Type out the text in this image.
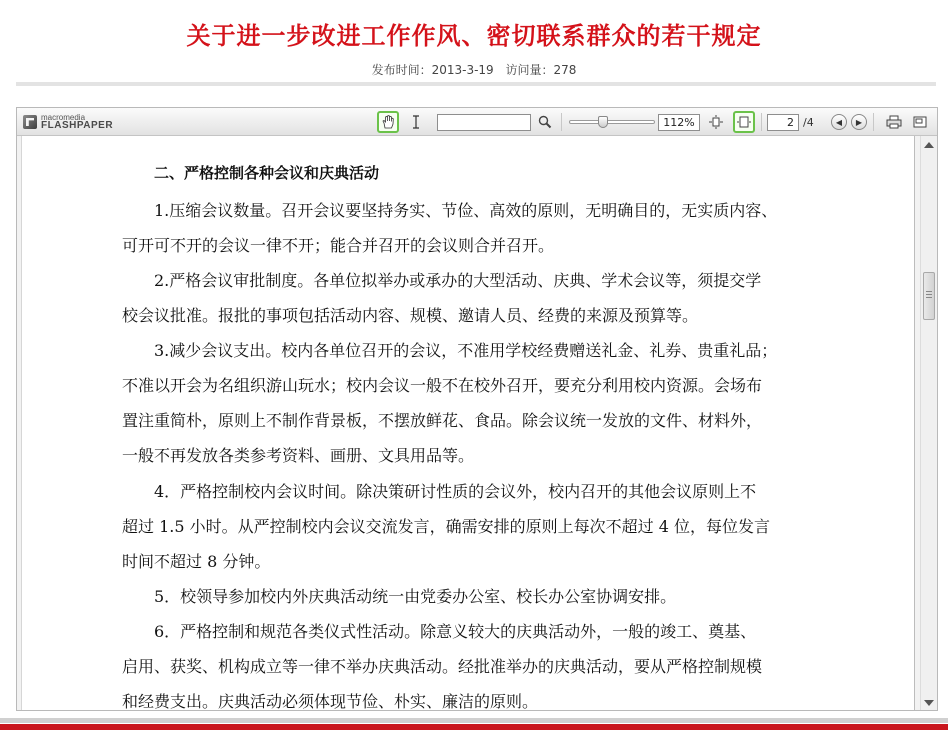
关于进一步改进工作作风、密切联系群众的若干规定
发布时间：2013-3-19 访问量：278
macromedia
FLASHPAPER	112%	2 /4	◀	▶
二、严格控制各种会议和庆典活动
1.压缩会议数量。召开会议要坚持务实、节俭、高效的原则，无明确目的，无实质内容、
可开可不开的会议一律不开；能合并召开的会议则合并召开。
2.严格会议审批制度。各单位拟举办或承办的大型活动、庆典、学术会议等，须提交学
校会议批准。报批的事项包括活动内容、规模、邀请人员、经费的来源及预算等。
3.减少会议支出。校内各单位召开的会议，不准用学校经费赠送礼金、礼券、贵重礼品；
不准以开会为名组织游山玩水；校内会议一般不在校外召开，要充分利用校内资源。会场布
置注重简朴，原则上不制作背景板，不摆放鲜花、食品。除会议统一发放的文件、材料外，
一般不再发放各类参考资料、画册、文具用品等。
4．严格控制校内会议时间。除决策研讨性质的会议外，校内召开的其他会议原则上不
超过 1.5 小时。从严控制校内会议交流发言，确需安排的原则上每次不超过 4 位，每位发言
时间不超过 8 分钟。
5．校领导参加校内外庆典活动统一由党委办公室、校长办公室协调安排。
6．严格控制和规范各类仪式性活动。除意义较大的庆典活动外，一般的竣工、奠基、
启用、获奖、机构成立等一律不举办庆典活动。经批准举办的庆典活动，要从严格控制规模
和经费支出。庆典活动必须体现节俭、朴实、廉洁的原则。
